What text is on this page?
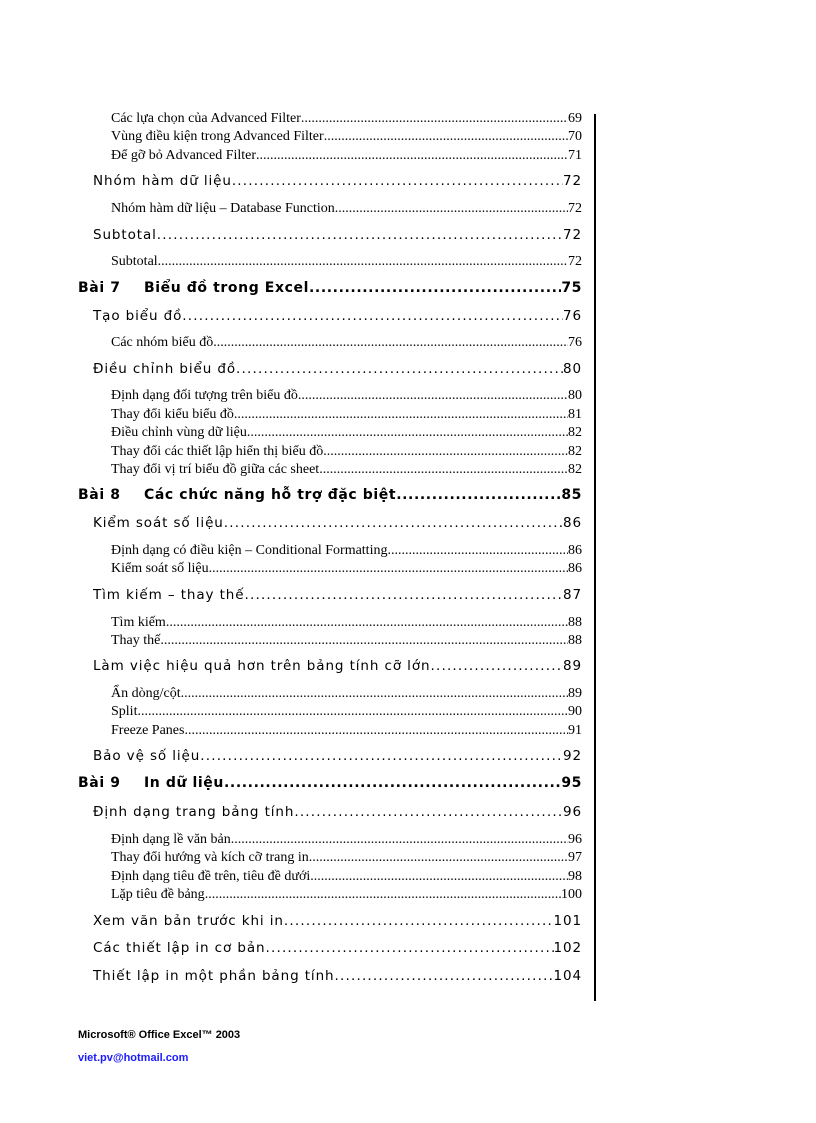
Các lựa chọn của Advanced Filter .....	69
Vùng điều kiện trong Advanced Filter .....	70
Để gỡ bỏ Advanced Filter .....	71
Nhóm hàm dữ liệu .....	72
Nhóm hàm dữ liệu – Database Function .....	72
Subtotal .....	72
Subtotal .....	72
Bài 7 Biểu đồ trong Excel .....	75
Tạo biểu đồ .....	76
Các nhóm biểu đồ .....	76
Điều chỉnh biểu đồ .....	80
Định dạng đối tượng trên biểu đồ .....	80
Thay đổi kiểu biểu đồ .....	81
Điều chỉnh vùng dữ liệu .....	82
Thay đổi các thiết lập hiển thị biểu đồ .....	82
Thay đổi vị trí biểu đồ giữa các sheet .....	82
Bài 8 Các chức năng hỗ trợ đặc biệt .....	85
Kiểm soát số liệu .....	86
Định dạng có điều kiện – Conditional Formatting .....	86
Kiểm soát số liệu .....	86
Tìm kiếm – thay thế .....	87
Tìm kiếm .....	88
Thay thế .....	88
Làm việc hiệu quả hơn trên bảng tính cỡ lớn .....	89
Ẩn dòng/cột .....	89
Split .....	90
Freeze Panes .....	91
Bảo vệ số liệu .....	92
Bài 9 In dữ liệu .....	95
Định dạng trang bảng tính .....	96
Định dạng lề văn bản .....	96
Thay đổi hướng và kích cỡ trang in .....	97
Định dạng tiêu đề trên, tiêu đề dưới .....	98
Lặp tiêu đề bảng .....	100
Xem văn bản trước khi in .....	101
Các thiết lập in cơ bản .....	102
Thiết lập in một phần bảng tính .....	104
Microsoft® Office Excel™ 2003
viet.pv@hotmail.com
